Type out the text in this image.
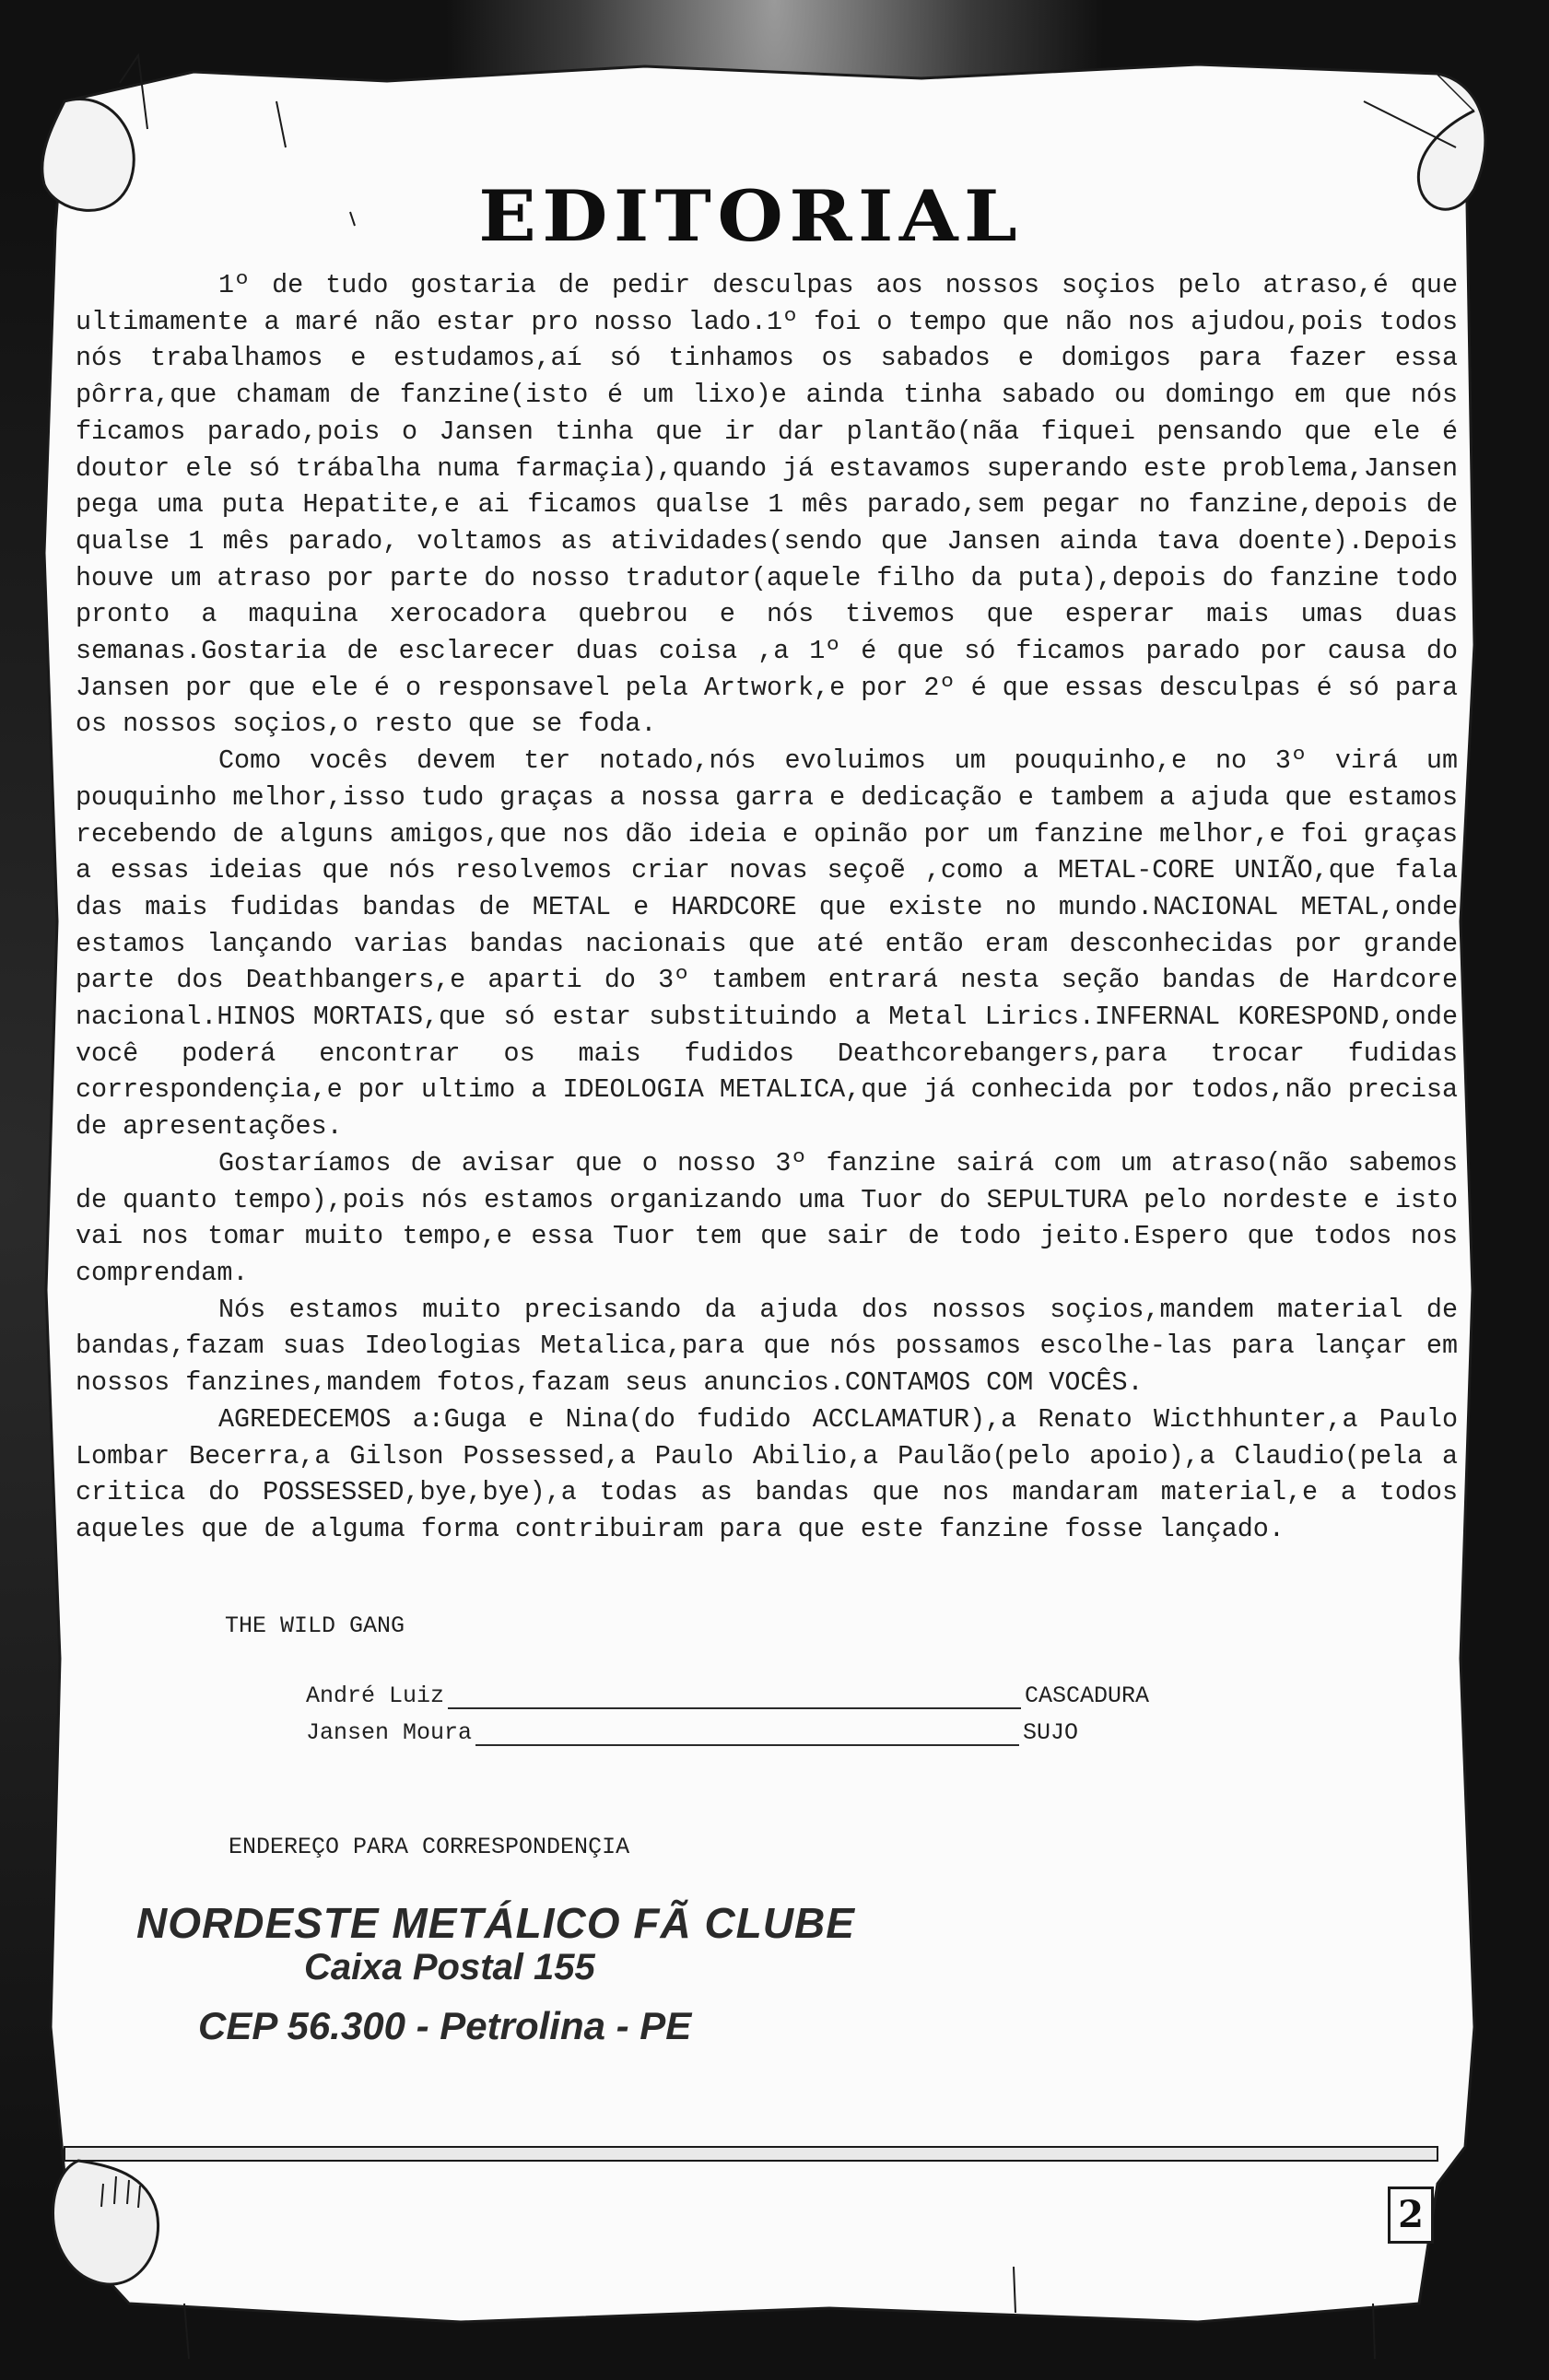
EDITORIAL

1º de tudo gostaria de pedir desculpas aos nossos soçios pelo atraso,é que ultimamente a maré não estar pro nosso lado.1º foi o tempo que não nos ajudou,pois todos nós trabalhamos e estudamos,aí só tinhamos os sabados e domigos para fazer essa pôrra,que chamam de fanzine(isto é um lixo)e ainda tinha sabado ou domingo em que nós ficamos parado,pois o Jansen tinha que ir dar plantão(nãa fiquei pensando que ele é doutor ele só trábalha numa farmaçia),quando já estavamos superando este problema,Jansen pega uma puta Hepatite,e ai ficamos qualse 1 mês parado,sem pegar no fanzine,depois de qualse 1 mês parado, voltamos as atividades(sendo que Jansen ainda tava doente).Depois houve um atraso por parte do nosso tradutor(aquele filho da puta),depois do fanzine todo pronto a maquina xerocadora quebrou e nós tivemos que esperar mais umas duas semanas.Gostaria de esclarecer duas coisa ,a 1º é que só ficamos parado por causa do Jansen por que ele é o responsavel pela Artwork,e por 2º é que essas desculpas é só para os nossos soçios,o resto que se foda.

Como vocês devem ter notado,nós evoluimos um pouquinho,e no 3º virá um pouquinho melhor,isso tudo graças a nossa garra e dedicação e tambem a ajuda que estamos recebendo de alguns amigos,que nos dão ideia e opinão por um fanzine melhor,e foi graças a essas ideias que nós resolvemos criar novas seçoẽ ,como a METAL-CORE UNIÃO,que fala das mais fudidas bandas de METAL e HARDCORE que existe no mundo.NACIONAL METAL,onde estamos lançando varias bandas nacionais que até então eram desconhecidas por grande parte dos Deathbangers,e aparti do 3º tambem entrará nesta seção bandas de Hardcore nacional.HINOS MORTAIS,que só estar substituindo a Metal Lirics.INFERNAL KORESPOND,onde você poderá encontrar os mais fudidos Deathcorebangers,para trocar fudidas correspondençia,e por ultimo a IDEOLOGIA METALICA,que já conhecida por todos,não precisa de apresentações.

Gostaríamos de avisar que o nosso 3º fanzine sairá com um atraso(não sabemos de quanto tempo),pois nós estamos organizando uma Tuor do SEPULTURA pelo nordeste e isto vai nos tomar muito tempo,e essa Tuor tem que sair de todo jeito.Espero que todos nos comprendam.

Nós estamos muito precisando da ajuda dos nossos soçios,mandem material de bandas,fazam suas Ideologias Metalica,para que nós possamos escolhe-las para lançar em nossos fanzines,mandem fotos,fazam seus anuncios.CONTAMOS COM VOCÊS.

AGREDECEMOS a:Guga e Nina(do fudido ACCLAMATUR),a Renato Wicthhunter,a Paulo Lombar Becerra,a Gilson Possessed,a Paulo Abilio,a Paulão(pelo apoio),a Claudio(pela a critica do POSSESSED,bye,bye),a todas as bandas que nos mandaram material,e a todos aqueles que de alguma forma contribuiram para que este fanzine fosse lançado.

THE WILD GANG
André Luiz	CASCADURA
Jansen Moura	SUJO
ENDEREÇO PARA CORRESPONDENÇIA
NORDESTE METÁLICO FÃ CLUBE
Caixa Postal 155
CEP 56.300 - Petrolina - PE
2
